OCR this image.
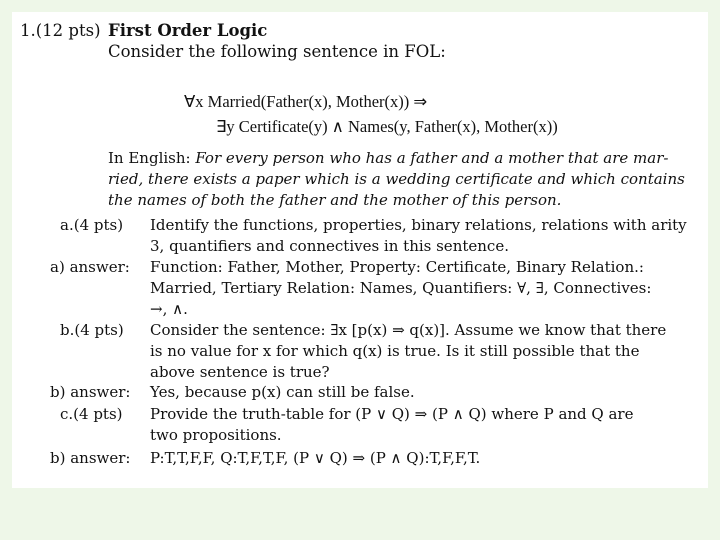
1.(12 pts) First Order Logic
Consider the following sentence in FOL:
∀x Married(Father(x), Mother(x)) ⇒
∃y Certificate(y) ∧ Names(y, Father(x), Mother(x))
In English: For every person who has a father and a mother that are mar-
ried, there exists a paper which is a wedding certificate and which contains
the names of both the father and the mother of this person.
a.(4 pts) Identify the functions, properties, binary relations, relations with arity
3, quantifiers and connectives in this sentence.
a) answer: Function: Father, Mother, Property: Certificate, Binary Relation.:
Married, Tertiary Relation: Names, Quantifiers: ∀, ∃, Connectives:
→, ∧.
b.(4 pts) Consider the sentence: ∃x [p(x) ⇒ q(x)]. Assume we know that there
is no value for x for which q(x) is true. Is it still possible that the
above sentence is true?
b) answer: Yes, because p(x) can still be false.
c.(4 pts) Provide the truth-table for (P ∨ Q) ⇒ (P ∧ Q) where P and Q are
two propositions.
b) answer: P:T,T,F,F, Q:T,F,T,F, (P ∨ Q) ⇒ (P ∧ Q):T,F,F,T.
